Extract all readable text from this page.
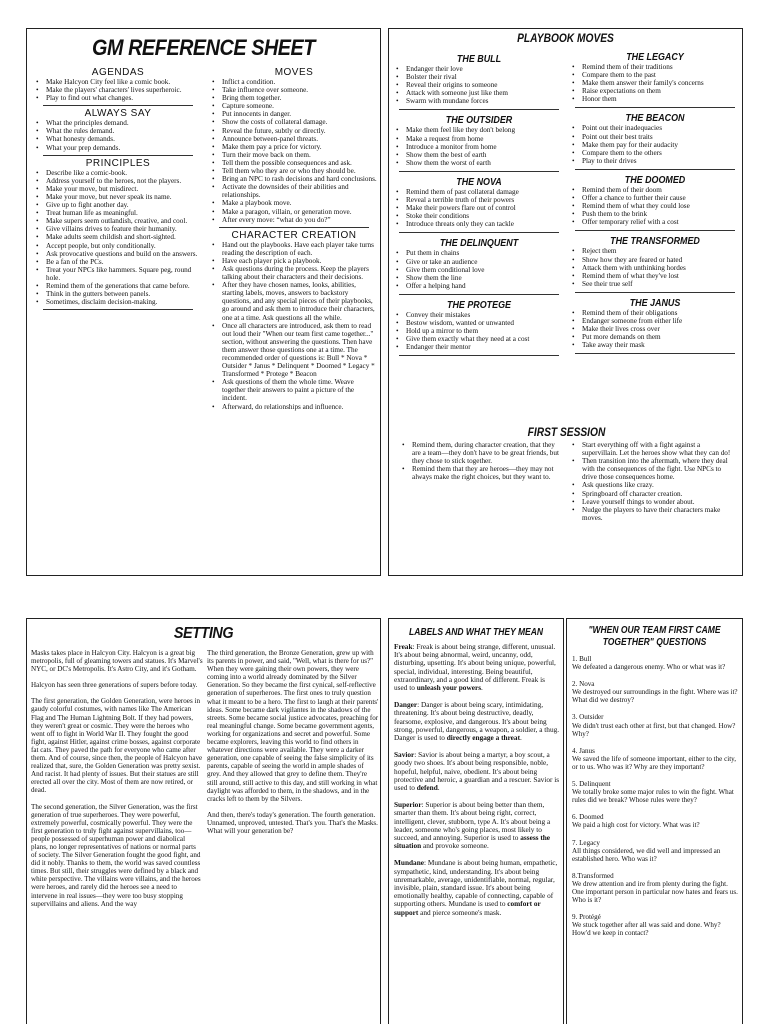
GM REFERENCE SHEET
AGENDAS
• Make Halcyon City feel like a comic book.
• Make the players' characters' lives superheroic.
• Play to find out what changes.
ALWAYS SAY
• What the principles demand.
• What the rules demand.
• What honesty demands.
• What your prep demands.
PRINCIPLES
• Describe like a comic-book.
• Address yourself to the heroes, not the players.
• Make your move, but misdirect.
• Make your move, but never speak its name.
• Give up to fight another day.
• Treat human life as meaningful.
• Make supers seem outlandish, creative, and cool.
• Give villains drives to feature their humanity.
• Make adults seem childish and short-sighted.
• Accept people, but only conditionally.
• Ask provocative questions and build on the answers.
• Be a fan of the PCs.
• Treat your NPCs like hammers. Square peg, round hole.
• Remind them of the generations that came before.
• Think in the gutters between panels.
• Sometimes, disclaim decision-making.
MOVES
• Inflict a condition.
• Take influence over someone.
• Bring them together.
• Capture someone.
• Put innocents in danger.
• Show the costs of collateral damage.
• Reveal the future, subtly or directly.
• Announce between-panel threats.
• Make them pay a price for victory.
• Turn their move back on them.
• Tell them the possible consequences and ask.
• Tell them who they are or who they should be.
• Bring an NPC to rash decisions and hard conclusions.
• Activate the downsides of their abilities and relationships.
• Make a playbook move.
• Make a paragon, villain, or generation move.
• After every move: “what do you do?”
CHARACTER CREATION
• Hand out the playbooks. Have each player take turns reading the description of each.
• Have each player pick a playbook.
• Ask questions during the process. Keep the players talking about their characters and their decisions.
• After they have chosen names, looks, abilities, starting labels, moves, answers to backstory questions, and any special pieces of their playbooks, go around and ask them to introduce their characters, one at a time. Ask questions all the while.
• Once all characters are introduced, ask them to read out loud their "When our team first came together..." section, without answering the questions. Then have them answer those questions one at a time. The recommended order of questions is: Bull * Nova * Outsider * Janus * Delinquent * Doomed * Legacy * Transformed * Protege * Beacon
• Ask questions of them the whole time. Weave together their answers to paint a picture of the incident.
• Afterward, do relationships and influence.
PLAYBOOK MOVES
THE BULL
• Endanger their love
• Bolster their rival
• Reveal their origins to someone
• Attack with someone just like them
• Swarm with mundane forces
THE OUTSIDER
• Make them feel like they don't belong
• Make a request from home
• Introduce a monitor from home
• Show them the best of earth
• Show them the worst of earth
THE NOVA
• Remind them of past collateral damage
• Reveal a terrible truth of their powers
• Make their powers flare out of control
• Stoke their conditions
• Introduce threats only they can tackle
THE DELINQUENT
• Put them in chains
• Give or take an audience
• Give them conditional love
• Show them the line
• Offer a helping hand
THE PROTEGE
• Convey their mistakes
• Bestow wisdom, wanted or unwanted
• Hold up a mirror to them
• Give them exactly what they need at a cost
• Endanger their mentor
THE LEGACY
• Remind them of their traditions
• Compare them to the past
• Make them answer their family's concerns
• Raise expectations on them
• Honor them
THE BEACON
• Point out their inadequacies
• Point out their best traits
• Make them pay for their audacity
• Compare them to the others
• Play to their drives
THE DOOMED
• Remind them of their doom
• Offer a chance to further their cause
• Remind them of what they could lose
• Push them to the brink
• Offer temporary relief with a cost
THE TRANSFORMED
• Reject them
• Show how they are feared or hated
• Attack them with unthinking hordes
• Remind them of what they've lost
• See their true self
THE JANUS
• Remind them of their obligations
• Endanger someone from either life
• Make their lives cross over
• Put more demands on them
• Take away their mask
FIRST SESSION
• Remind them, during character creation, that they are a team—they don't have to be great friends, but they chose to stick together.
• Remind them that they are heroes—they may not always make the right choices, but they want to.
• Start everything off with a fight against a supervillain. Let the heroes show what they can do!
• Then transition into the aftermath, where they deal with the consequences of the fight. Use NPCs to drive those consequences home.
• Ask questions like crazy.
• Springboard off character creation.
• Leave yourself things to wonder about.
• Nudge the players to have their characters make moves.
SETTING

Masks takes place in Halcyon City. Halcyon is a great big metropolis, full of gleaming towers and statues. It's Marvel's NYC, or DC's Metropolis. It's Astro City, and it's Gotham.

Halcyon has seen three generations of supers before today.

The first generation, the Golden Generation, were heroes in gaudy colorful costumes, with names like The American Flag and The Human Lightning Bolt. If they had powers, they weren't great or cosmic. They were the heroes who went off to fight in World War II. They fought the good fight, against Hitler, against crime bosses, against corporate fat cats. They paved the path for everyone who came after them. And of course, since then, the people of Halcyon have realized that, sure, the Golden Generation was pretty sexist. And racist. It had plenty of issues. But their statues are still erected all over the city. Most of them are now retired, or dead.

The second generation, the Silver Generation, was the first generation of true superheroes. They were powerful, extremely powerful, cosmically powerful. They were the first generation to truly fight against supervillains, too—people possessed of superhuman power and diabolical plans, no longer representatives of nations or normal parts of society. The Silver Generation fought the good fight, and did it nobly. Thanks to them, the world was saved countless times. But still, their struggles were defined by a black and white perspective. The villains were villains, and the heroes were heroes, and rarely did the heroes see a need to intervene in real issues—they were too busy stopping supervillains and aliens. And the way

The third generation, the Bronze Generation, grew up with its parents in power, and said, "Well, what is there for us?" When they were gaining their own powers, they were coming into a world already dominated by the Silver Generation. So they became the first cynical, self-reflective generation of superheroes. The first ones to truly question what it meant to be a hero. The first to laugh at their parents' ideas. Some became dark vigilantes in the shadows of the streets. Some became social justice advocates, preaching for real meaningful change. Some became government agents, working for organizations and secret and powerful. Some became explorers, leaving this world to find others in whatever directions were available. They were a darker generation, one capable of seeing the false simplicity of its parents, capable of seeing the world in ample shades of grey. And they allowed that grey to define them. They're still around, still active to this day, and still working in what daylight was afforded to them, in the shadows, and in the cracks left to them by the Silvers.

And then, there's today's generation. The fourth generation. Unnamed, unproved, untested. That's you. That's the Masks. What will your generation be?

LABELS AND WHAT THEY MEAN

Freak: Freak is about being strange, different, unusual. It's about being abnormal, weird, uncanny, odd, disturbing, upsetting. It's about being unique, powerful, special, individual, interesting. Being beautiful, extraordinary, and a good kind of different. Freak is used to unleash your powers.

Danger: Danger is about being scary, intimidating, threatening. It's about being destructive, deadly, fearsome, explosive, and dangerous. It's about being strong, powerful, dangerous, a weapon, a soldier, a thug. Danger is used to directly engage a threat.

Savior: Savior is about being a martyr, a boy scout, a goody two shoes. It's about being responsible, noble, hopeful, helpful, naive, obedient. It's about being protective and heroic, a guardian and a rescuer. Savior is used to defend.

Superior: Superior is about being better than them, smarter than them. It's about being right, correct, intelligent, clever, stubborn, type A. It's about being a leader, someone who's going places, most likely to succeed, and annoying. Superior is used to assess the situation and provoke someone.

Mundane: Mundane is about being human, empathetic, sympathetic, kind, understanding. It's about being unremarkable, average, unidentifiable, normal, regular, invisible, plain, standard issue. It's about being emotionally healthy, capable of connecting, capable of supporting others. Mundane is used to comfort or support and pierce someone's mask.

"WHEN OUR TEAM FIRST CAME TOGETHER" QUESTIONS

1. Bull

We defeated a dangerous enemy. Who or what was it?

2. Nova

We destroyed our surroundings in the fight. Where was it? What did we destroy?

3. Outsider

We didn't trust each other at first, but that changed. How? Why?

4. Janus

We saved the life of someone important, either to the city, or to us. Who was it? Why are they important?

5. Delinquent

We totally broke some major rules to win the fight. What rules did we break? Whose rules were they?

6. Doomed

We paid a high cost for victory. What was it?

7. Legacy

All things considered, we did well and impressed an established hero. Who was it?

8.Transformed

We drew attention and ire from plenty during the fight. One important person in particular now hates and fears us. Who is it?

9. Protégé

We stuck together after all was said and done. Why? How'd we keep in contact?
